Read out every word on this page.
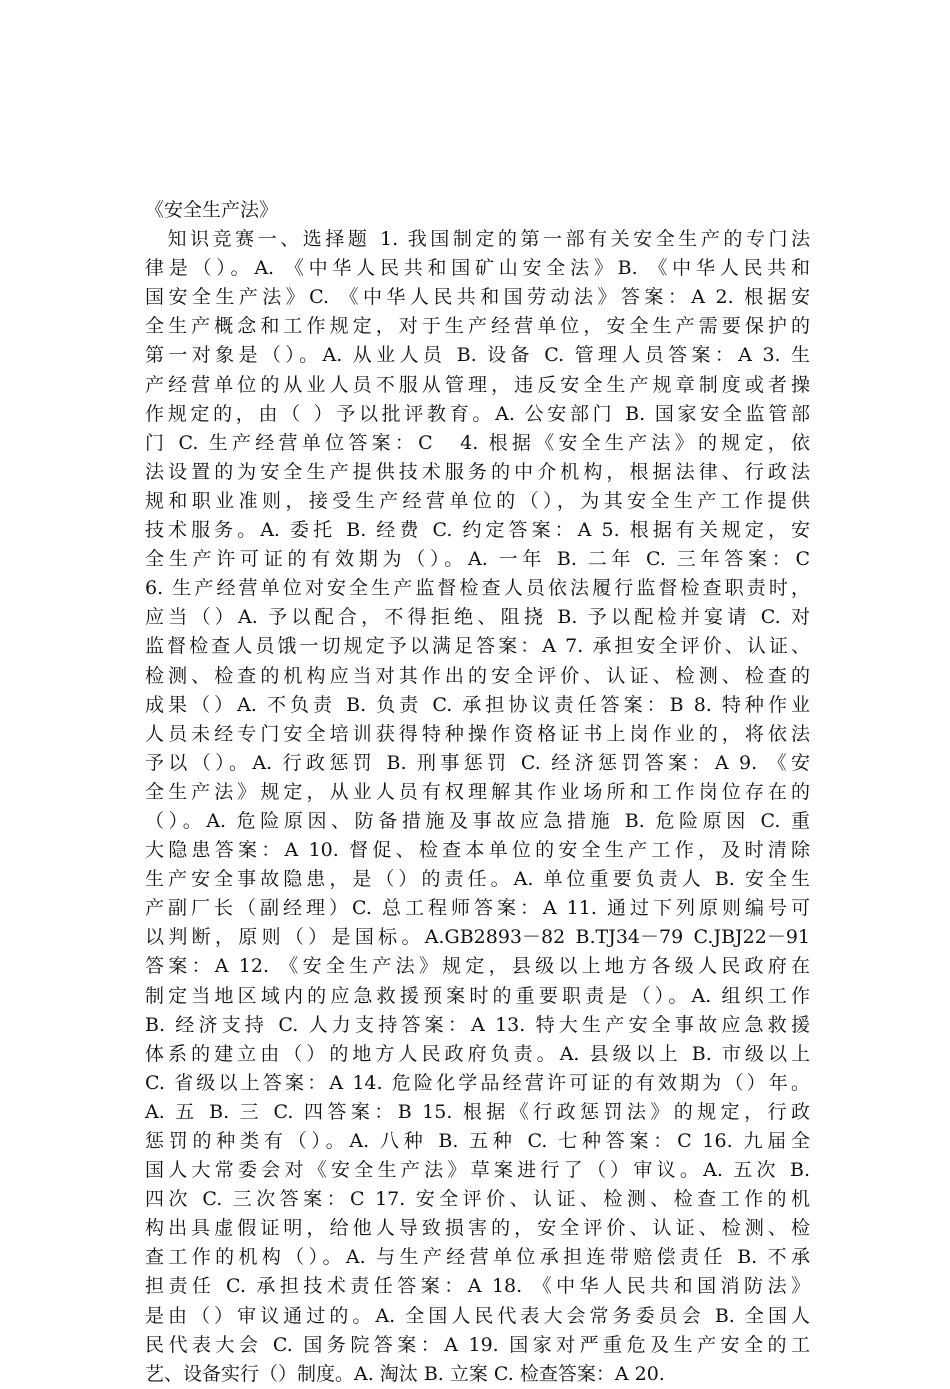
《安全生产法》
　知识竞赛一、选择题 1. 我国制定的第一部有关安全生产的专门法
律是（）。A. 《中华人民共和国矿山安全法》B. 《中华人民共和
国安全生产法》C. 《中华人民共和国劳动法》答案：A 2. 根据安
全生产概念和工作规定，对于生产经营单位，安全生产需要保护的
第一对象是（）。A. 从业人员 B. 设备 C. 管理人员答案：A 3. 生
产经营单位的从业人员不服从管理，违反安全生产规章制度或者操
作规定的，由（ ）予以批评教育。A. 公安部门 B. 国家安全监管部
门 C. 生产经营单位答案：C　4. 根据《安全生产法》的规定，依
法设置的为安全生产提供技术服务的中介机构，根据法律、行政法
规和职业准则，接受生产经营单位的（），为其安全生产工作提供
技术服务。A. 委托 B. 经费 C. 约定答案：A 5. 根据有关规定，安
全生产许可证的有效期为（）。A. 一年 B. 二年 C. 三年答案：C
6. 生产经营单位对安全生产监督检查人员依法履行监督检查职责时，
应当（）A. 予以配合，不得拒绝、阻挠 B. 予以配检并宴请 C. 对
监督检查人员饿一切规定予以满足答案：A 7. 承担安全评价、认证、
检测、检查的机构应当对其作出的安全评价、认证、检测、检查的
成果（）A. 不负责 B. 负责 C. 承担协议责任答案：B 8. 特种作业
人员未经专门安全培训获得特种操作资格证书上岗作业的，将依法
予以（）。A. 行政惩罚 B. 刑事惩罚 C. 经济惩罚答案：A 9. 《安
全生产法》规定，从业人员有权理解其作业场所和工作岗位存在的
（）。A. 危险原因、防备措施及事故应急措施 B. 危险原因 C. 重
大隐患答案：A 10. 督促、检查本单位的安全生产工作，及时清除
生产安全事故隐患，是（）的责任。A. 单位重要负责人 B. 安全生
产副厂长（副经理）C. 总工程师答案：A 11. 通过下列原则编号可
以判断，原则（）是国标。A.GB2893－82 B.TJ34－79 C.JBJ22－91
答案：A 12. 《安全生产法》规定，县级以上地方各级人民政府在
制定当地区域内的应急救援预案时的重要职责是（）。A. 组织工作
B. 经济支持 C. 人力支持答案：A 13. 特大生产安全事故应急救援
体系的建立由（）的地方人民政府负责。A. 县级以上 B. 市级以上
C. 省级以上答案：A 14. 危险化学品经营许可证的有效期为（）年。
A. 五 B. 三 C. 四答案：B 15. 根据《行政惩罚法》的规定，行政
惩罚的种类有（）。A. 八种 B. 五种 C. 七种答案：C 16. 九届全
国人大常委会对《安全生产法》草案进行了（）审议。A. 五次 B.
四次 C. 三次答案：C 17. 安全评价、认证、检测、检查工作的机
构出具虚假证明，给他人导致损害的，安全评价、认证、检测、检
查工作的机构（）。A. 与生产经营单位承担连带赔偿责任 B. 不承
担责任 C. 承担技术责任答案：A 18. 《中华人民共和国消防法》
是由（）审议通过的。A. 全国人民代表大会常务委员会 B. 全国人
民代表大会 C. 国务院答案：A 19. 国家对严重危及生产安全的工
艺、设备实行（）制度。A. 淘汰 B. 立案 C. 检查答案：A 20.
